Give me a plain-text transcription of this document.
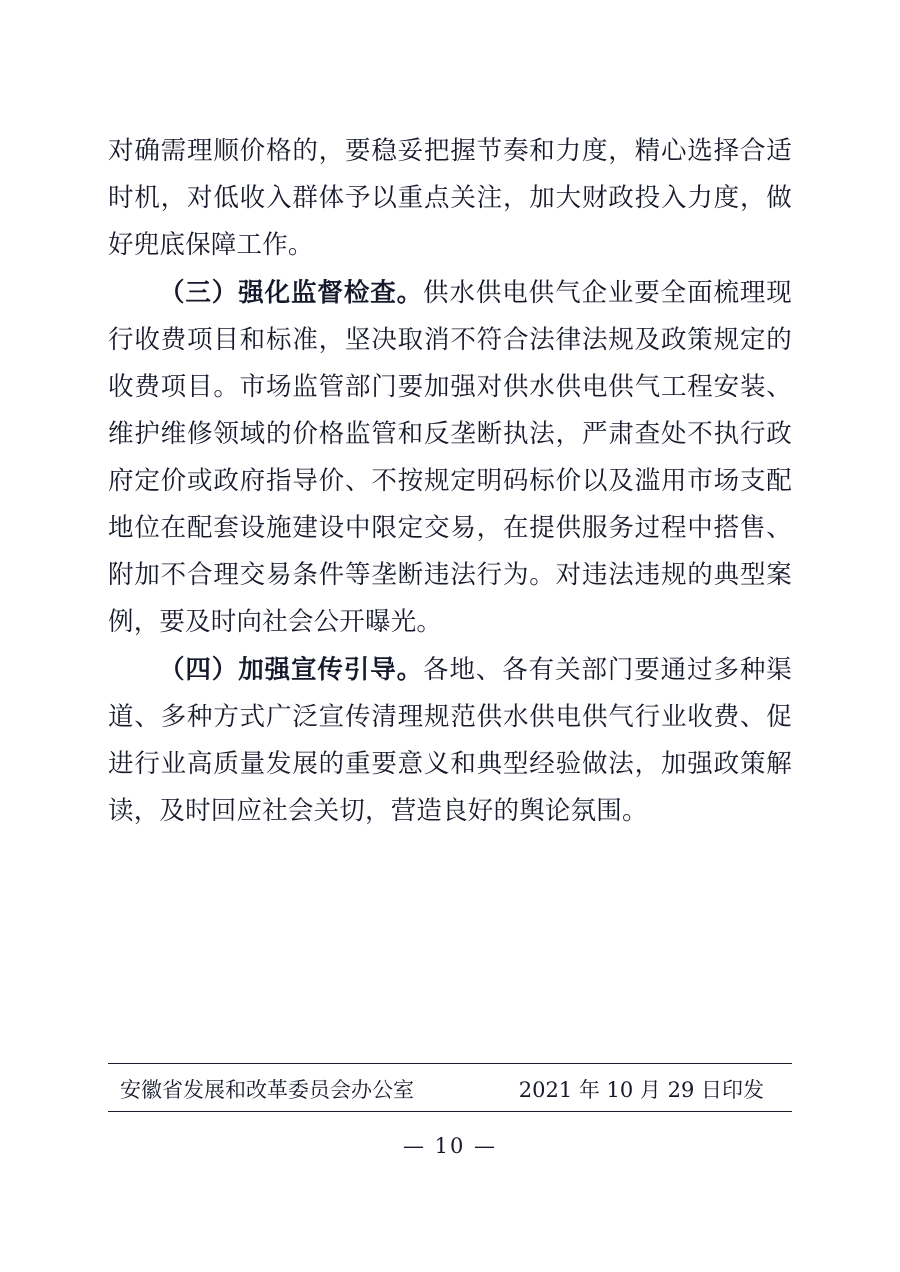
对确需理顺价格的，要稳妥把握节奏和力度，精心选择合适时机，对低收入群体予以重点关注，加大财政投入力度，做好兜底保障工作。

（三）强化监督检查。供水供电供气企业要全面梳理现行收费项目和标准，坚决取消不符合法律法规及政策规定的收费项目。市场监管部门要加强对供水供电供气工程安装、维护维修领域的价格监管和反垄断执法，严肃查处不执行政府定价或政府指导价、不按规定明码标价以及滥用市场支配地位在配套设施建设中限定交易，在提供服务过程中搭售、附加不合理交易条件等垄断违法行为。对违法违规的典型案例，要及时向社会公开曝光。

（四）加强宣传引导。各地、各有关部门要通过多种渠道、多种方式广泛宣传清理规范供水供电供气行业收费、促进行业高质量发展的重要意义和典型经验做法，加强政策解读，及时回应社会关切，营造良好的舆论氛围。

安徽省发展和改革委员会办公室	2021 年 10 月 29 日印发
— 10 —
